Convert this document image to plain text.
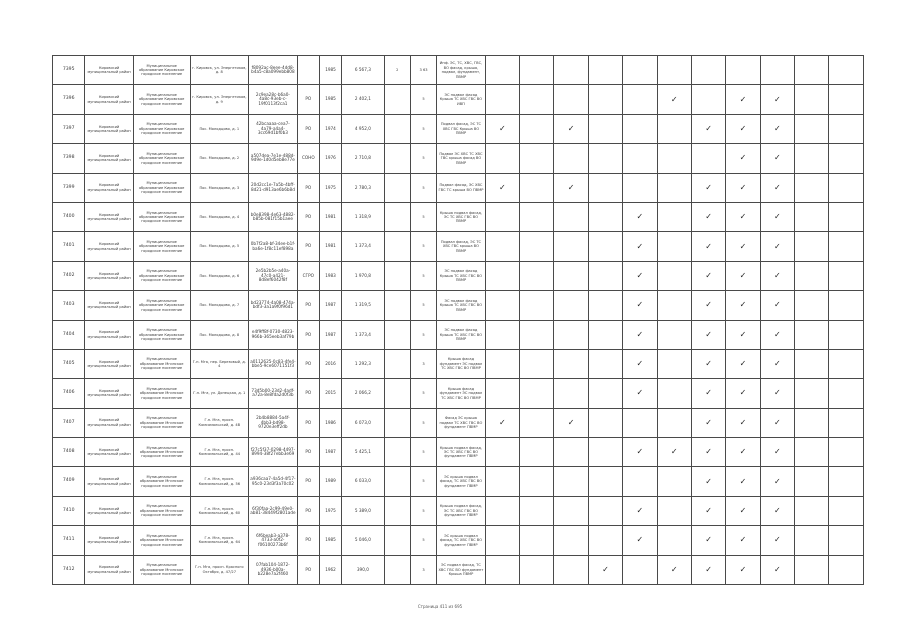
7395	Кировский муниципальный район	Муниципальное образование Кировское городское поселение	г. Кировск, ул. Энергетиков, д. 8	f8092ac-8eee-4dd8-b4a5-c8a099ebb808		1985	6 567,3	2	3 63	Инф. ЭС, ТС, ХВС, ГВС, ВО фасад, крыша, подвал, фундамент, ПВМР											
7396	Кировский муниципальный район	Муниципальное образование Кировское городское поселение	г. Кировск, ул. Энергетиков, д. 9	2c9ea28c-b6a0-4a8c-93eb-c-19f0113f2ca1	РО	1985	2 402,1		5	ЭС подвал фасад Крыша ТС ХВС ГВС ВО ИВП						✓		✓	✓		
7397	Кировский муниципальный район	Муниципальное образование Кировское городское поселение	Пос. Молодцово, д. 1	42bcaaaa-cea7-4a79-a4a4-3cc69d1bf0b3	РО	1974	4 952,0		5	Подвал фасад, ЭС ТС ХВС ГВС Крыша ВО ПВМР	✓		✓				✓	✓	✓		
7398	Кировский муниципальный район	Муниципальное образование Кировское городское поселение	Пос. Молодцово, д. 2	a507dea-7e1e-488d-9d9e-1d0d5eb8e77e	СОНО	1976	2 710,8		5	Подвал ЭС ХВС ТС ХВС ГВС крыша фасад ВО ПВМР								✓	✓		
7399	Кировский муниципальный район	Муниципальное образование Кировское городское поселение	Пос. Молодцово, д. 3	20d2cc1e-7a5b-4bff-8d21-d913ae6b6b8d	РО	1975	2 780,3		5	Подвал фасад, ЭС ХВС ГВС ТС крыша ВО ПВМР	✓		✓				✓	✓	✓		
7400	Кировский муниципальный район	Муниципальное образование Кировское городское поселение	Пос. Молодцово, д. 4	b0e8398-4e63-4882-b85b-081f15b1aee	РО	1981	1 318,9		5	Крыша подвал фасад, ЭС ТС ХВС ГВС ВО ПВМР					✓		✓	✓	✓		
7401	Кировский муниципальный район	Муниципальное образование Кировское городское поселение	Пос. Молодцово, д. 5	0b7f2a8-bf-34ee-b1f-ba6e-1f8c11ef898a	РО	1981	1 373,4		5	Подвал фасад, ЭС ТС ХВС ГВС крыша ВО ПВМР					✓		✓	✓	✓		
7402	Кировский муниципальный район	Муниципальное образование Кировское городское поселение	Пос. Молодцово, д. 6	2e5b2b5e-a40a-47c0-a421-8d8ef6042f8f	СГРО	1983	1 970,8		5	ЭС подвал фасад Крыша ТС ХВС ГВС ВО ПВМР					✓		✓	✓	✓		
7403	Кировский муниципальный район	Муниципальное образование Кировское городское поселение	Пос. Молодцово, д. 7	bd23774-4a08-474a-bdf3-3a1a9f0f96d1	РО	1987	1 319,5		5	ЭС подвал фасад Крыша ТС ХВС ГВС ВО ПВМР					✓		✓	✓	✓		
7404	Кировский муниципальный район	Муниципальное образование Кировское городское поселение	Пос. Молодцово, д. 8	e4f9ff8f-0730-4823-966b-365eeb3af79b	РО	1987	1 373,4		5	ЭС подвал фасад Крыша ТС ХВС ГВС ВО ПВМР					✓		✓	✓	✓		
7405	Кировский муниципальный район	Муниципальное образование Мгинское городское поселение	Г.п. Мга, пер. Березовый, д. 4	a0112625-0c83-4fe4-bbe5-9ce6071151f3	РО	2016	1 292,3		3	Крыша фасад фундамент ЭС подвал ТС ХВС ГВС ВО ПВМР					✓		✓	✓	✓		
7406	Кировский муниципальный район	Муниципальное образование Мгинское городское поселение	Г.п. Мга, ул. Донецкая, д. 1	73d5b00-23d2-4adf-a72a-8e8fda2d0f3b	РО	2015	2 066,2		5	Крыша фасад фундамент ЭС подвал ТС ХВС ГВС ВО ПВМР					✓		✓	✓	✓		
7407	Кировский муниципальный район	Муниципальное образование Мгинское городское поселение	Г.п. Мга, просп. Комсомольский, д. 4В	2b4b8884-5a4f-4bb3-bd98-9720e3eff2db	РО	1986	6 073,0		5	Фасад ЭС крыша подвал ТС ХВС ГВС ВО фундамент ПВМР	✓		✓				✓	✓	✓		
7408	Кировский муниципальный район	Муниципальное образование Мгинское городское поселение	Г.п. Мга, просп. Комсомольский, д. 44	f27c5f37-0298-4497-8994-38f27ebb3e69	РО	1987	5 425,1		5	Крыша подвал фасад, ЭС ТС ХВС ГВС ВО фундамент ПВМР					✓	✓	✓	✓	✓		
7409	Кировский муниципальный район	Муниципальное образование Мгинское городское поселение	Г.п. Мга, просп. Комсомольский, д. 56	a936caa7-4a5d-4f17-95c0-23d3f3a70c02	РО	1989	6 033,0		5	ЭС крыша подвал фасад, ТС ХВС ГВС ВО фундамент ПВМР							✓	✓	✓		
7410	Кировский муниципальный район	Муниципальное образование Мгинское городское поселение	Г.п. Мга, просп. Комсомольский, д. 60	6f30faa-2c99-49e0-ab81-38449f2801ade	РО	1975	5 389,0		5	Крыша подвал фасад, ЭС ТС ХВС ГВС ВО фундамент ПВМР					✓		✓	✓	✓		
7411	Кировский муниципальный район	Муниципальное образование Мгинское городское поселение	Г.п. Мга, просп. Комсомольский, д. 64	6f6beab3-a378-4733-a0f2-f06100273b6f	РО	1985	5 046,0		5	ЭС крыша подвал фасад, ТС ХВС ГВС ВО фундамент ПВМР					✓		✓	✓	✓		
7412	Кировский муниципальный район	Муниципальное образование Мгинское городское поселение	Г.п. Мга, просп. Красного Октября, д. 47/27	07fab104-1872-4936-b00a-b228e7a2f460	РО	1962	390,0		3	ЭС подвал фасад, ТС ХВС ГВС ВО фундамент Крыша ПВМР				✓		✓	✓	✓	✓		
Страница 411 из 695
